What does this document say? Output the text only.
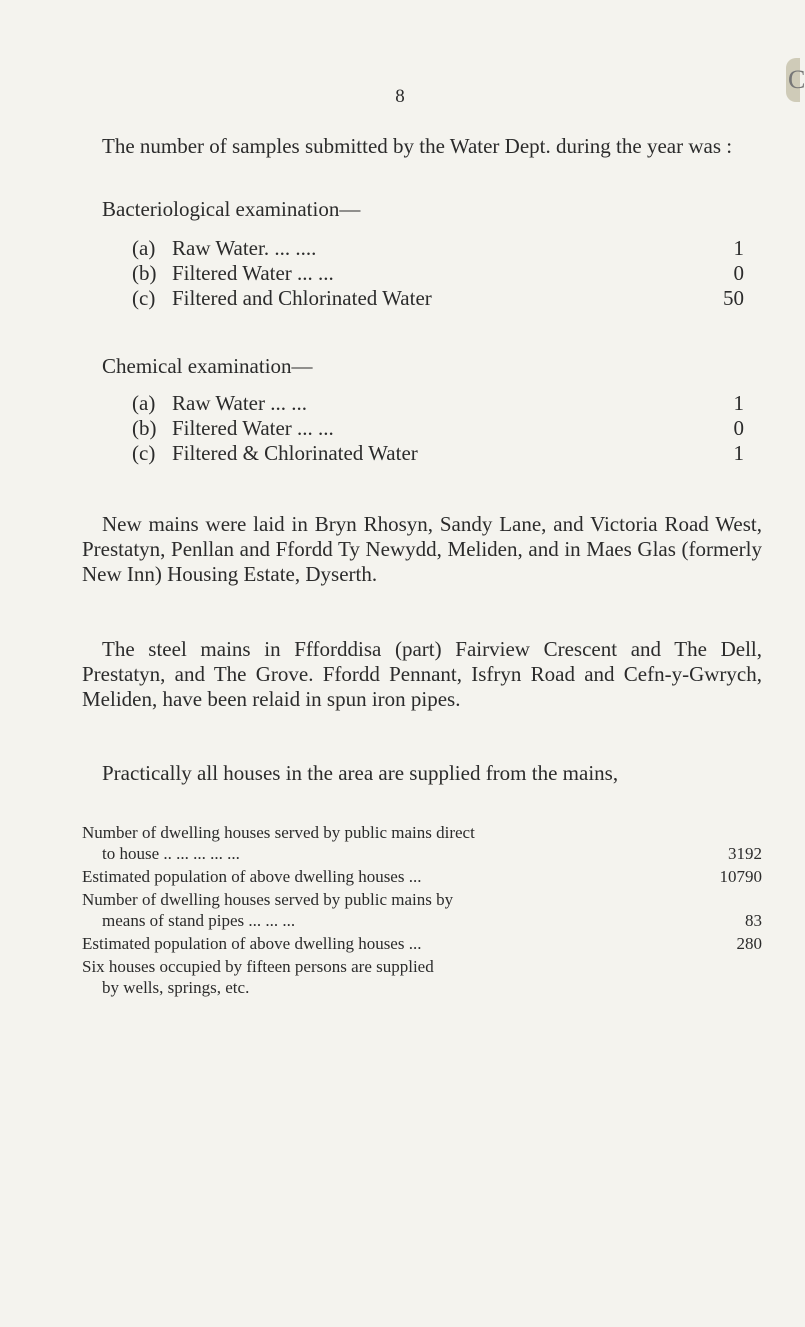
C
8

The number of samples submitted by the Water Dept. during the year was :

Bacteriological examination—

(a) Raw Water. ... ....	1
(b) Filtered Water ... ...	0
(c) Filtered and Chlorinated Water	50

Chemical examination—

(a) Raw Water ... ...	1
(b) Filtered Water ... ...	0
(c) Filtered & Chlorinated Water	1

New mains were laid in Bryn Rhosyn, Sandy Lane, and Victoria Road West, Prestatyn, Penllan and Ffordd Ty Newydd, Meliden, and in Maes Glas (formerly New Inn) Housing Estate, Dyserth.

The steel mains in Ffforddisa (part) Fairview Crescent and The Dell, Prestatyn, and The Grove. Ffordd Pennant, Isfryn Road and Cefn-y-Gwrych, Meliden, have been relaid in spun iron pipes.

Practically all houses in the area are supplied from the mains,

Number of dwelling houses served by public mains direct
to house .. ... ... ... ...	3192
Estimated population of above dwelling houses ...	10790
Number of dwelling houses served by public mains by
means of stand pipes ... ... ...	83
Estimated population of above dwelling houses ...	280
Six houses occupied by fifteen persons are supplied
by wells, springs, etc.
